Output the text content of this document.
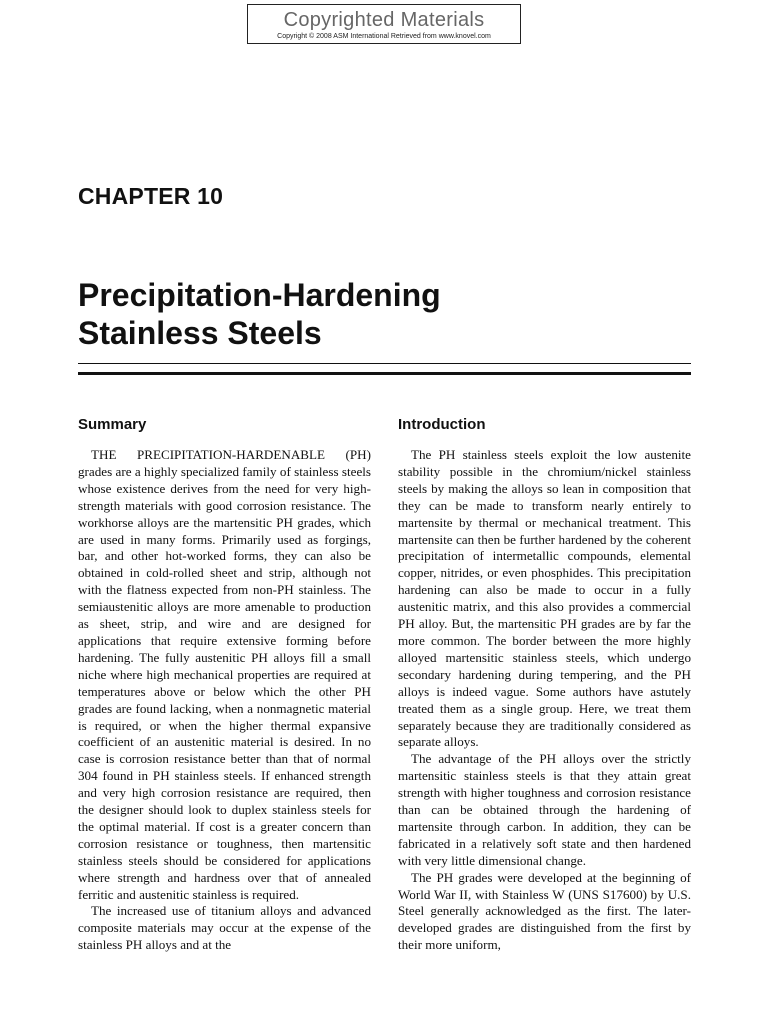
Copyrighted Materials
Copyright © 2008 ASM International Retrieved from www.knovel.com
CHAPTER 10
Precipitation-Hardening
Stainless Steels
Summary

THE PRECIPITATION-HARDENABLE (PH) grades are a highly specialized family of stainless steels whose existence derives from the need for very high-strength materials with good corrosion resistance. The workhorse alloys are the martensitic PH grades, which are used in many forms. Primarily used as forgings, bar, and other hot-worked forms, they can also be obtained in cold-rolled sheet and strip, although not with the flatness expected from non-PH stainless. The semiaustenitic alloys are more amenable to production as sheet, strip, and wire and are designed for applications that require extensive forming before hardening. The fully austenitic PH alloys fill a small niche where high mechanical properties are required at temperatures above or below which the other PH grades are found lacking, when a nonmagnetic material is required, or when the higher thermal expansive coefficient of an austenitic material is desired. In no case is corrosion resistance better than that of normal 304 found in PH stainless steels. If enhanced strength and very high corrosion resistance are required, then the designer should look to duplex stainless steels for the optimal material. If cost is a greater concern than corrosion resistance or toughness, then martensitic stainless steels should be considered for applications where strength and hardness over that of annealed ferritic and austenitic stainless is required.

The increased use of titanium alloys and advanced composite materials may occur at the expense of the stainless PH alloys and at the

Introduction

The PH stainless steels exploit the low austenite stability possible in the chromium/nickel stainless steels by making the alloys so lean in composition that they can be made to transform nearly entirely to martensite by thermal or mechanical treatment. This martensite can then be further hardened by the coherent precipitation of intermetallic compounds, elemental copper, nitrides, or even phosphides. This precipitation hardening can also be made to occur in a fully austenitic matrix, and this also provides a commercial PH alloy. But, the martensitic PH grades are by far the more common. The border between the more highly alloyed martensitic stainless steels, which undergo secondary hardening during tempering, and the PH alloys is indeed vague. Some authors have astutely treated them as a single group. Here, we treat them separately because they are traditionally considered as separate alloys.

The advantage of the PH alloys over the strictly martensitic stainless steels is that they attain great strength with higher toughness and corrosion resistance than can be obtained through the hardening of martensite through carbon. In addition, they can be fabricated in a relatively soft state and then hardened with very little dimensional change.

The PH grades were developed at the beginning of World War II, with Stainless W (UNS S17600) by U.S. Steel generally acknowledged as the first. The later-developed grades are distinguished from the first by their more uniform,
